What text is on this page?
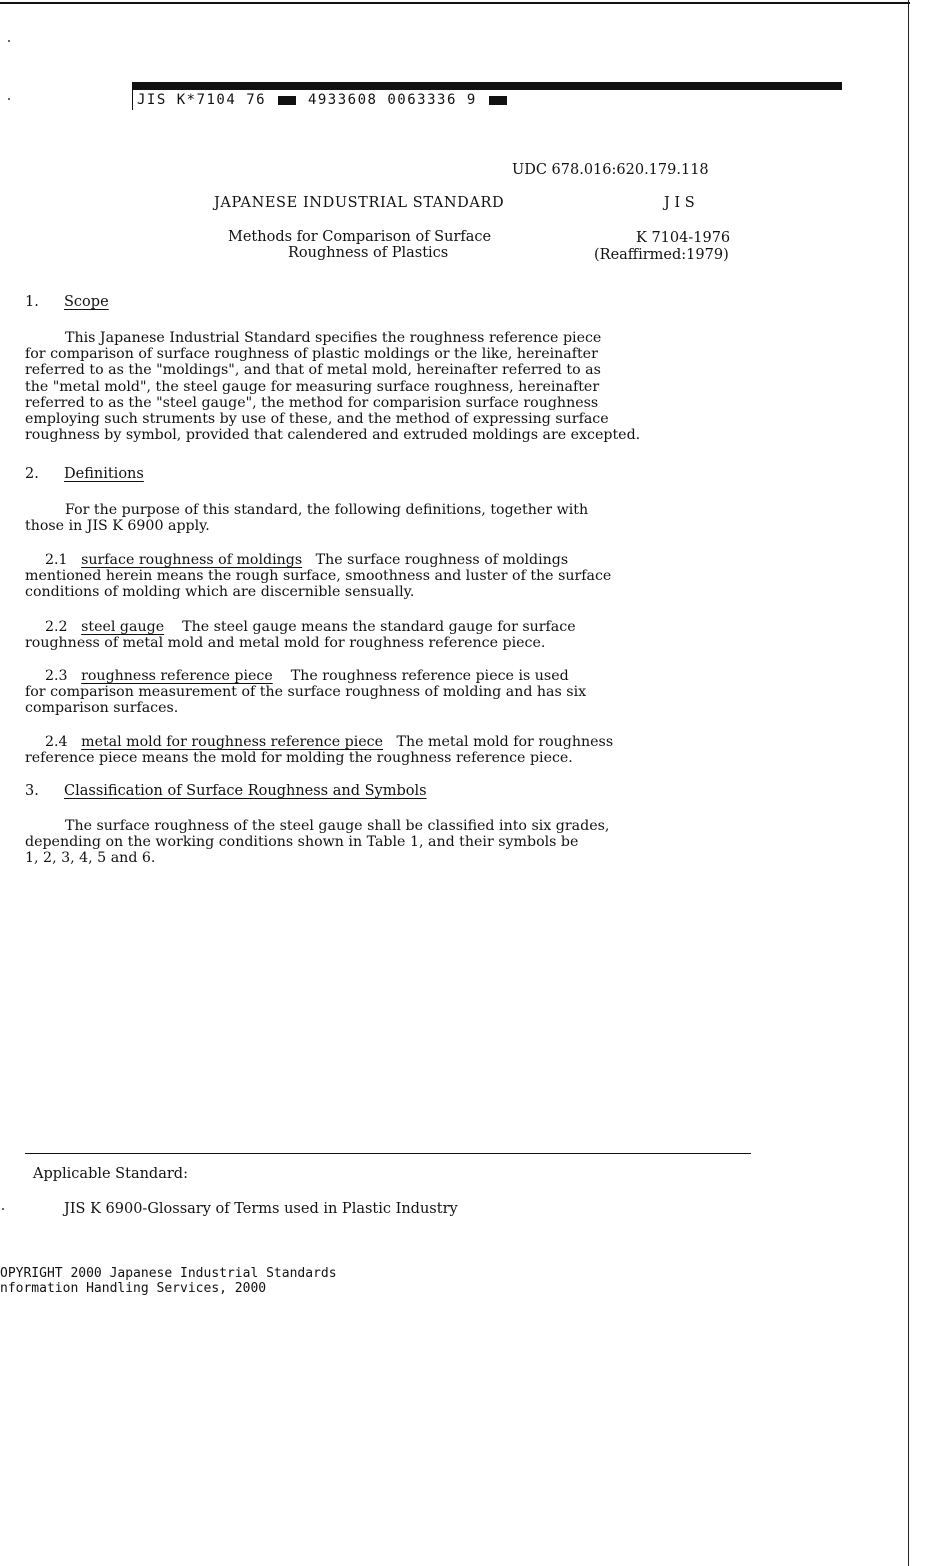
JIS K*7104 76	4933608 0063336 9
UDC 678.016:620.179.118
JAPANESE INDUSTRIAL STANDARD	J I S
Methods for Comparison of Surface
Roughness of Plastics
K 7104-1976
(Reaffirmed:1979)
1. Scope
This Japanese Industrial Standard specifies the roughness reference piece
for comparison of surface roughness of plastic moldings or the like, hereinafter
referred to as the "moldings", and that of metal mold, hereinafter referred to as
the "metal mold", the steel gauge for measuring surface roughness, hereinafter
referred to as the "steel gauge", the method for comparision surface roughness
employing such struments by use of these, and the method of expressing surface
roughness by symbol, provided that calendered and extruded moldings are excepted.
2. Definitions
For the purpose of this standard, the following definitions, together with
those in JIS K 6900 apply.
2.1 surface roughness of moldings The surface roughness of moldings
mentioned herein means the rough surface, smoothness and luster of the surface
conditions of molding which are discernible sensually.
2.2 steel gauge The steel gauge means the standard gauge for surface
roughness of metal mold and metal mold for roughness reference piece.
2.3 roughness reference piece The roughness reference piece is used
for comparison measurement of the surface roughness of molding and has six
comparison surfaces.
2.4 metal mold for roughness reference piece The metal mold for roughness
reference piece means the mold for molding the roughness reference piece.
3. Classification of Surface Roughness and Symbols
The surface roughness of the steel gauge shall be classified into six grades,
depending on the working conditions shown in Table 1, and their symbols be
1, 2, 3, 4, 5 and 6.
Applicable Standard:
JIS K 6900-Glossary of Terms used in Plastic Industry
OPYRIGHT 2000 Japanese Industrial Standards
nformation Handling Services, 2000
